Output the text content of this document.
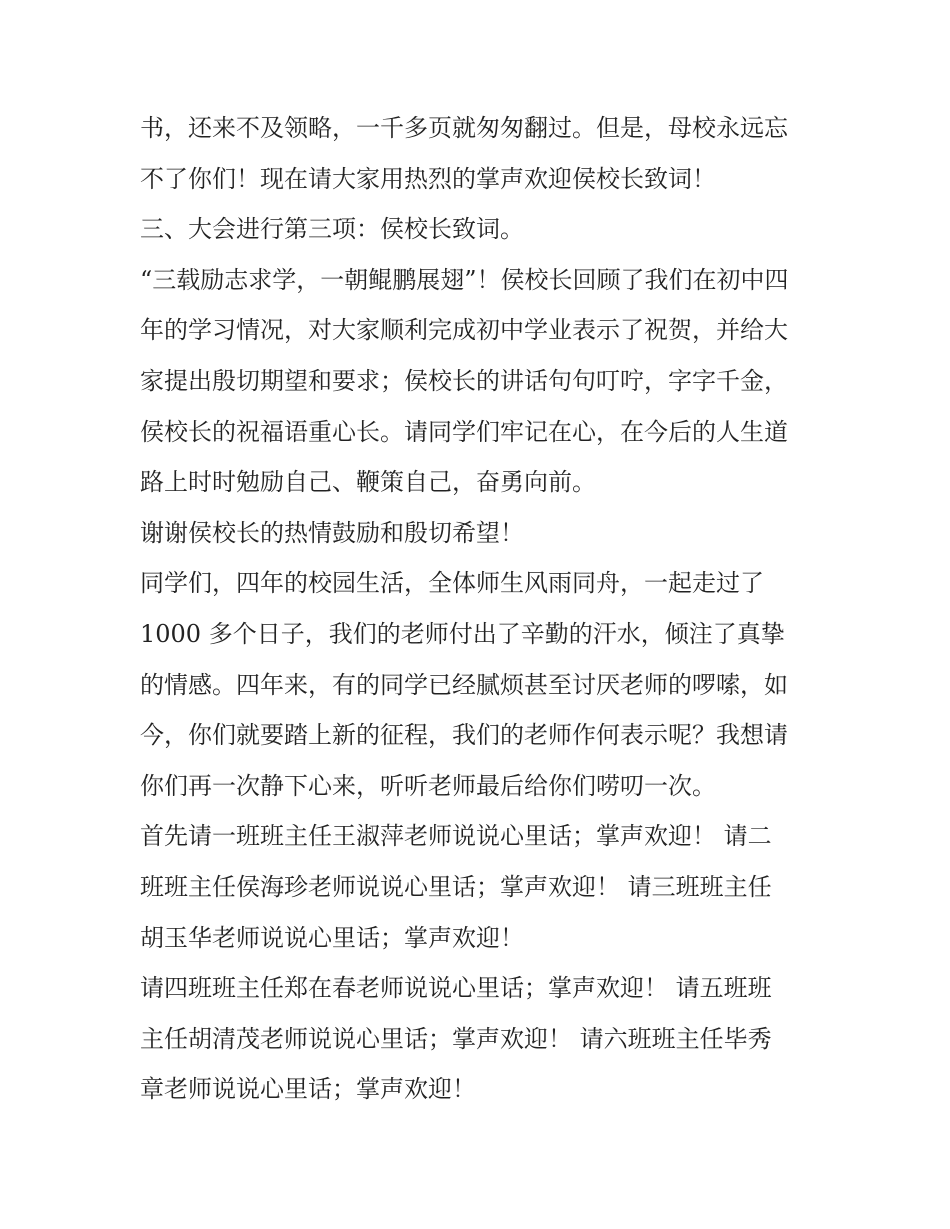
书，还来不及领略，一千多页就匆匆翻过。但是，母校永远忘
不了你们！现在请大家用热烈的掌声欢迎侯校长致词！
三、大会进行第三项：侯校长致词。
“三载励志求学，一朝鲲鹏展翅”！侯校长回顾了我们在初中四
年的学习情况，对大家顺利完成初中学业表示了祝贺，并给大
家提出殷切期望和要求；侯校长的讲话句句叮咛，字字千金，
侯校长的祝福语重心长。请同学们牢记在心，在今后的人生道
路上时时勉励自己、鞭策自己，奋勇向前。
谢谢侯校长的热情鼓励和殷切希望！
同学们，四年的校园生活，全体师生风雨同舟，一起走过了
1000 多个日子，我们的老师付出了辛勤的汗水，倾注了真挚
的情感。四年来，有的同学已经腻烦甚至讨厌老师的啰嗦，如
今，你们就要踏上新的征程，我们的老师作何表示呢？我想请
你们再一次静下心来，听听老师最后给你们唠叨一次。
首先请一班班主任王淑萍老师说说心里话；掌声欢迎！ 请二
班班主任侯海珍老师说说心里话；掌声欢迎！ 请三班班主任
胡玉华老师说说心里话；掌声欢迎！
请四班班主任郑在春老师说说心里话；掌声欢迎！ 请五班班
主任胡清茂老师说说心里话；掌声欢迎！ 请六班班主任毕秀
章老师说说心里话；掌声欢迎！
